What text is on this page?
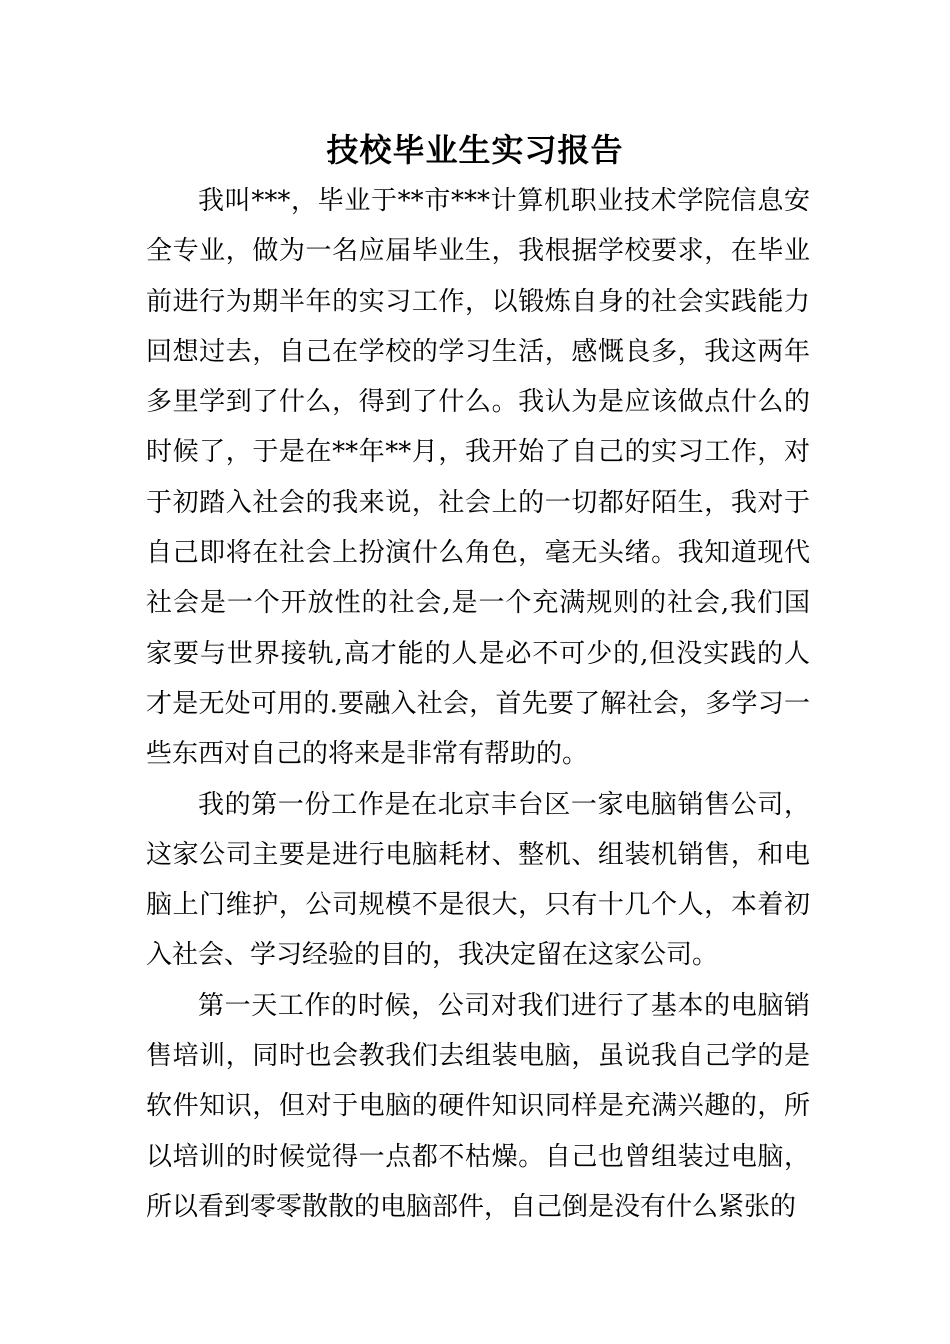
技校毕业生实习报告

我叫***，毕业于**市***计算机职业技术学院信息安全专业，做为一名应届毕业生，我根据学校要求，在毕业前进行为期半年的实习工作，以锻炼自身的社会实践能力回想过去，自己在学校的学习生活，感慨良多，我这两年多里学到了什么，得到了什么。我认为是应该做点什么的时候了，于是在**年**月，我开始了自己的实习工作，对于初踏入社会的我来说，社会上的一切都好陌生，我对于自己即将在社会上扮演什么角色，毫无头绪。我知道现代社会是一个开放性的社会,是一个充满规则的社会,我们国家要与世界接轨,高才能的人是必不可少的,但没实践的人才是无处可用的.要融入社会，首先要了解社会，多学习一些东西对自己的将来是非常有帮助的。

我的第一份工作是在北京丰台区一家电脑销售公司，这家公司主要是进行电脑耗材、整机、组装机销售，和电脑上门维护，公司规模不是很大，只有十几个人，本着初入社会、学习经验的目的，我决定留在这家公司。

第一天工作的时候，公司对我们进行了基本的电脑销售培训，同时也会教我们去组装电脑，虽说我自己学的是软件知识，但对于电脑的硬件知识同样是充满兴趣的，所以培训的时候觉得一点都不枯燥。自己也曾组装过电脑，所以看到零零散散的电脑部件，自己倒是没有什么紧张的
